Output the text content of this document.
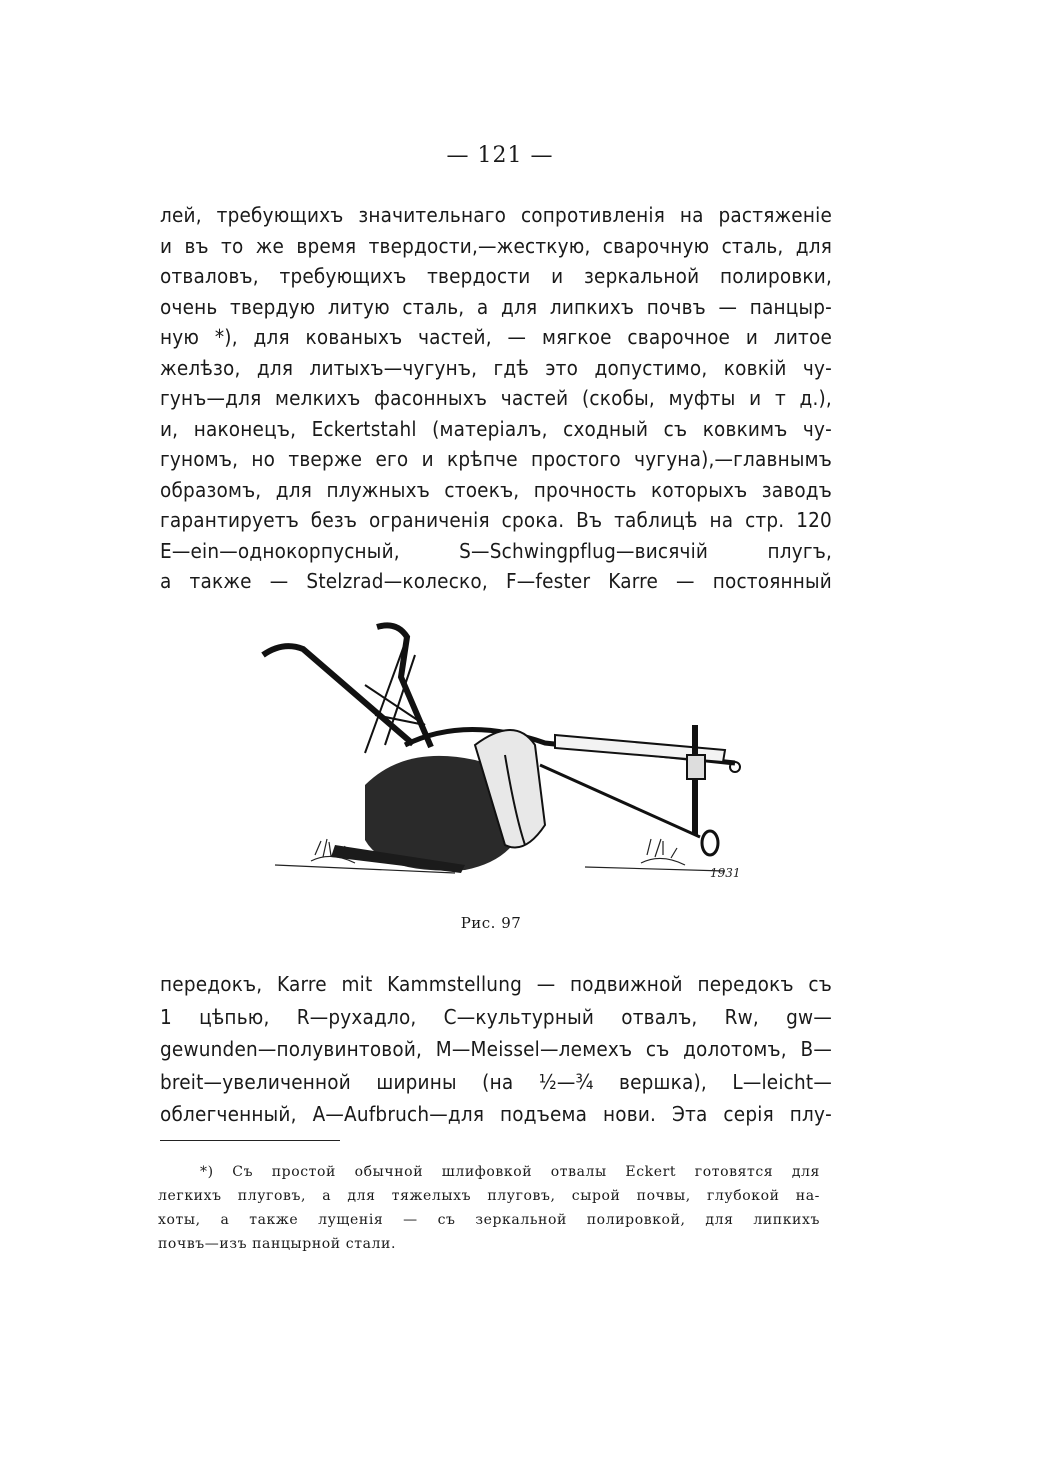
— 121 —
лей, требующихъ значительнаго сопротивленія на растяженіе
и въ то же время твердости,—жесткую, сварочную сталь, для
отваловъ, требующихъ твердости и зеркальной полировки,
очень твердую литую сталь, а для липкихъ почвъ — панцыр-
ную *), для кованыхъ частей, — мягкое сварочное и литое
желѣзо, для литыхъ—чугунъ, гдѣ это допустимо, ковкій чу-
гунъ—для мелкихъ фасонныхъ частей (скобы, муфты и т д.),
и, наконецъ, Eckertstahl (матеріалъ, сходный съ ковкимъ чу-
гуномъ, но тверже его и крѣпче простого чугуна),—главнымъ
образомъ, для плужныхъ стоекъ, прочность которыхъ заводъ
гарантируетъ безъ ограниченія срока. Въ таблицѣ на стр. 120
E—ein—однокорпусный, S—Schwingpflug—висячій плугъ,
а также — Stelzrad—колеско, F—fester Karre — постоянный
1931
Рис. 97
передокъ, Karre mit Kammstellung — подвижной передокъ съ
1 цѣпью, R—рухадло, C—культурный отвалъ, Rw, gw—
gewunden—полувинтовой, M—Meissel—лемехъ съ долотомъ, B—
breit—увеличенной ширины (на ½—¾ вершка), L—leicht—
облегченный, A—Aufbruch—для подъема нови. Эта серія плу-
*) Съ простой обычной шлифовкой отвалы Eckert готовятся для
легкихъ плуговъ, а для тяжелыхъ плуговъ, сырой почвы, глубокой на-
хоты, а также лущенія — съ зеркальной полировкой, для липкихъ
почвъ—изъ панцырной стали.
